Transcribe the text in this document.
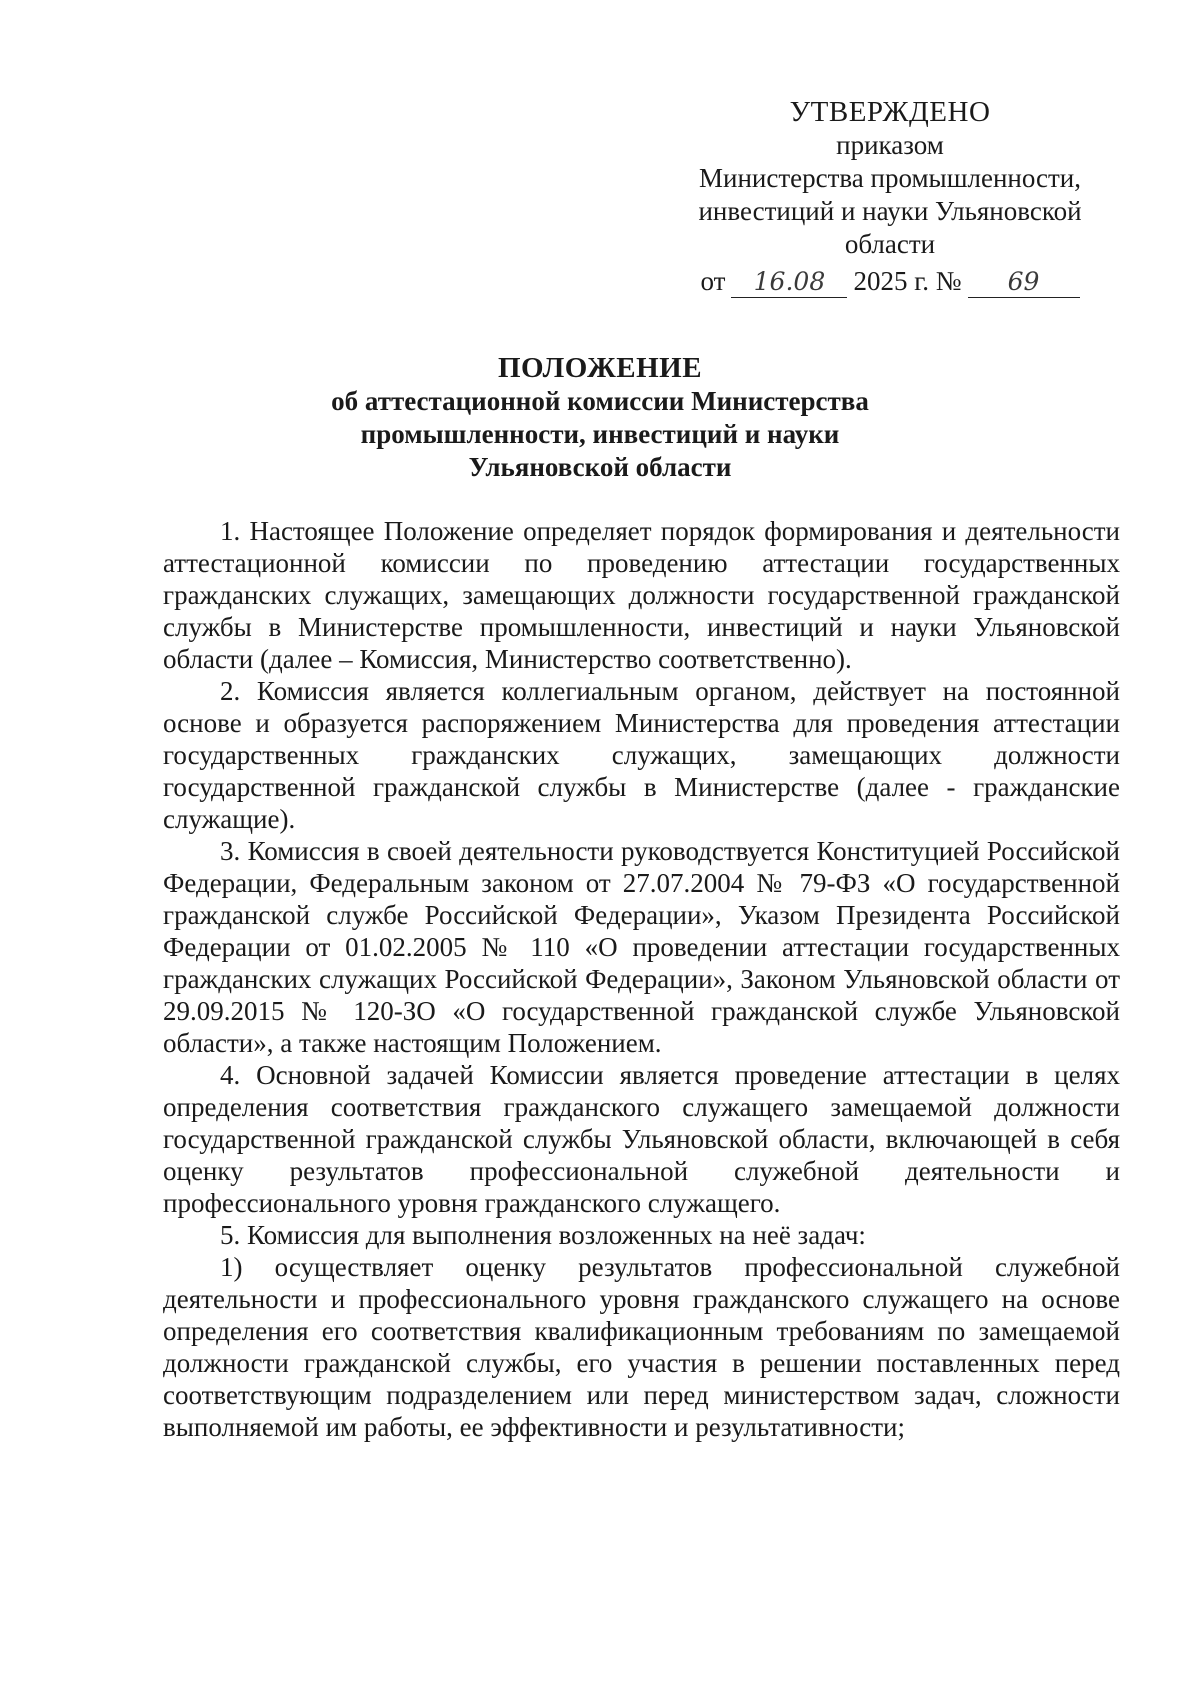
УТВЕРЖДЕНО
приказом
Министерства промышленности,
инвестиций и науки Ульяновской
области
от	16.08	2025 г. №	69
ПОЛОЖЕНИЕ
об аттестационной комиссии Министерства
промышленности, инвестиций и науки
Ульяновской области

1. Настоящее Положение определяет порядок формирования и деятельности аттестационной комиссии по проведению аттестации государственных гражданских служащих, замещающих должности государственной гражданской службы в Министерстве промышленности, инвестиций и науки Ульяновской области (далее – Комиссия, Министерство соответственно).

2. Комиссия является коллегиальным органом, действует на постоянной основе и образуется распоряжением Министерства для проведения аттестации государственных гражданских служащих, замещающих должности государственной гражданской службы в Министерстве (далее - гражданские служащие).

3. Комиссия в своей деятельности руководствуется Конституцией Российской Федерации, Федеральным законом от 27.07.2004 № 79-ФЗ «О государственной гражданской службе Российской Федерации», Указом Президента Российской Федерации от 01.02.2005 № 110 «О проведении аттестации государственных гражданских служащих Российской Федерации», Законом Ульяновской области от 29.09.2015 № 120-ЗО «О государственной гражданской службе Ульяновской области», а также настоящим Положением.

4. Основной задачей Комиссии является проведение аттестации в целях определения соответствия гражданского служащего замещаемой должности государственной гражданской службы Ульяновской области, включающей в себя оценку результатов профессиональной служебной деятельности и профессионального уровня гражданского служащего.

5. Комиссия для выполнения возложенных на неё задач:

1) осуществляет оценку результатов профессиональной служебной деятельности и профессионального уровня гражданского служащего на основе определения его соответствия квалификационным требованиям по замещаемой должности гражданской службы, его участия в решении поставленных перед соответствующим подразделением или перед министерством задач, сложности выполняемой им работы, ее эффективности и результативности;
